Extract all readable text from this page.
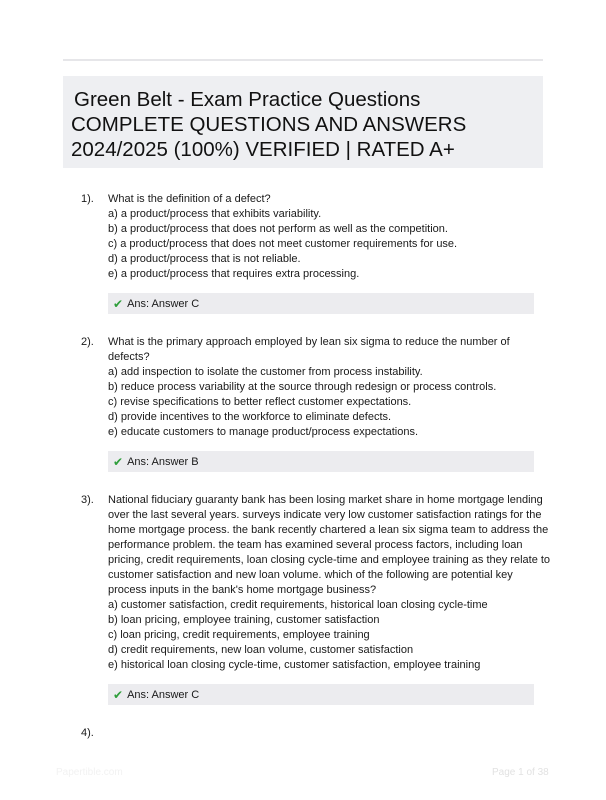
Green Belt - Exam Practice Questions
COMPLETE QUESTIONS AND ANSWERS
2024/2025 (100%) VERIFIED | RATED A+
1). What is the definition of a defect?
a) a product/process that exhibits variability.
b) a product/process that does not perform as well as the competition.
c) a product/process that does not meet customer requirements for use.
d) a product/process that is not reliable.
e) a product/process that requires extra processing.
✔ Ans: Answer C
2). What is the primary approach employed by lean six sigma to reduce the number of
defects?
a) add inspection to isolate the customer from process instability.
b) reduce process variability at the source through redesign or process controls.
c) revise specifications to better reflect customer expectations.
d) provide incentives to the workforce to eliminate defects.
e) educate customers to manage product/process expectations.
✔ Ans: Answer B
3). National fiduciary guaranty bank has been losing market share in home mortgage lending
over the last several years. surveys indicate very low customer satisfaction ratings for the
home mortgage process. the bank recently chartered a lean six sigma team to address the
performance problem. the team has examined several process factors, including loan
pricing, credit requirements, loan closing cycle-time and employee training as they relate to
customer satisfaction and new loan volume. which of the following are potential key
process inputs in the bank's home mortgage business?
a) customer satisfaction, credit requirements, historical loan closing cycle-time
b) loan pricing, employee training, customer satisfaction
c) loan pricing, credit requirements, employee training
d) credit requirements, new loan volume, customer satisfaction
e) historical loan closing cycle-time, customer satisfaction, employee training
✔ Ans: Answer C
4).
Papertible.com	Page 1 of 38
